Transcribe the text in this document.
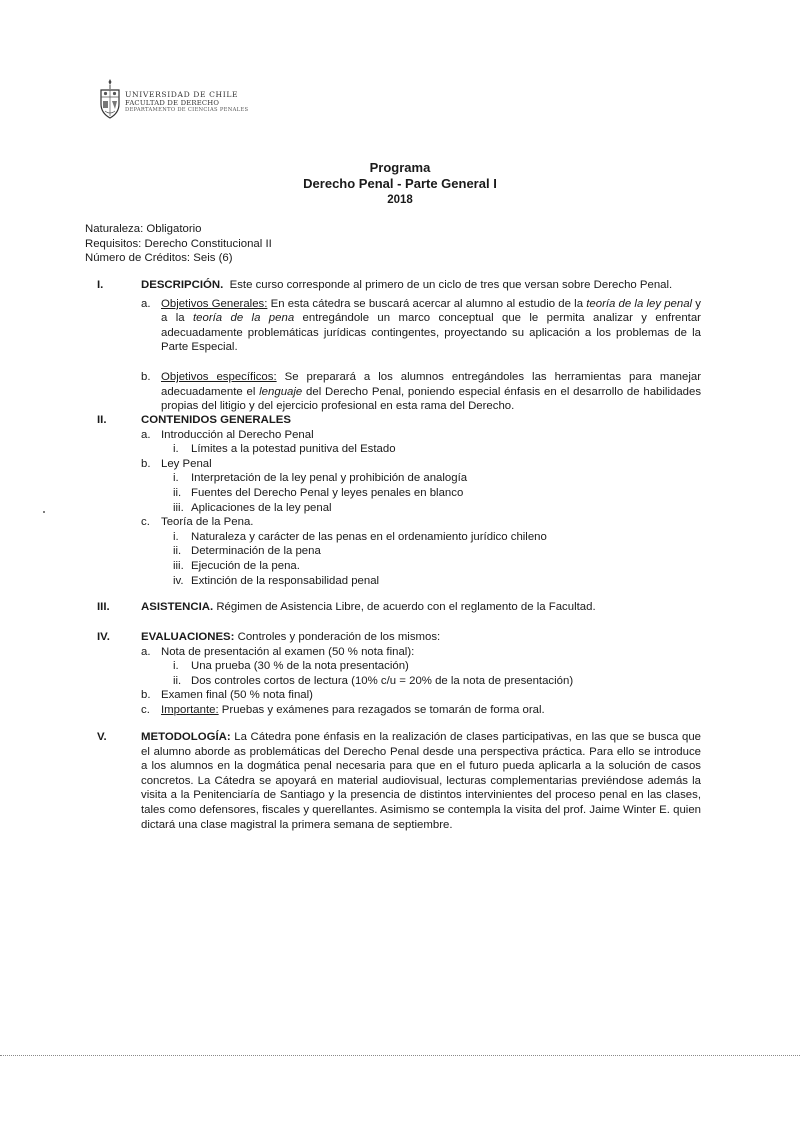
UNIVERSIDAD DE CHILE
FACULTAD DE DERECHO
DEPARTAMENTO DE CIENCIAS PENALES
Programa
Derecho Penal - Parte General I
2018
Naturaleza: Obligatorio
Requisitos: Derecho Constitucional II
Número de Créditos: Seis (6)
I.	DESCRIPCIÓN. Este curso corresponde al primero de un ciclo de tres que versan sobre Derecho Penal.
a. Objetivos Generales: En esta cátedra se buscará acercar al alumno al estudio de la teoría de la ley penal y a la teoría de la pena entregándole un marco conceptual que le permita analizar y enfrentar adecuadamente problemáticas jurídicas contingentes, proyectando su aplicación a los problemas de la Parte Especial.
b. Objetivos específicos: Se preparará a los alumnos entregándoles las herramientas para manejar adecuadamente el lenguaje del Derecho Penal, poniendo especial énfasis en el desarrollo de habilidades propias del litigio y del ejercicio profesional en esta rama del Derecho.
II.	CONTENIDOS GENERALES
a. Introducción al Derecho Penal
i. Límites a la potestad punitiva del Estado
b. Ley Penal
i. Interpretación de la ley penal y prohibición de analogía
ii. Fuentes del Derecho Penal y leyes penales en blanco
iii. Aplicaciones de la ley penal
c. Teoría de la Pena.
i. Naturaleza y carácter de las penas en el ordenamiento jurídico chileno
ii. Determinación de la pena
iii. Ejecución de la pena.
iv. Extinción de la responsabilidad penal
III.	ASISTENCIA. Régimen de Asistencia Libre, de acuerdo con el reglamento de la Facultad.
IV.	EVALUACIONES: Controles y ponderación de los mismos:
a. Nota de presentación al examen (50 % nota final):
i. Una prueba (30 % de la nota presentación)
ii. Dos controles cortos de lectura (10% c/u = 20% de la nota de presentación)
b. Examen final (50 % nota final)
c. Importante: Pruebas y exámenes para rezagados se tomarán de forma oral.
V.	METODOLOGÍA: La Cátedra pone énfasis en la realización de clases participativas, en las que se busca que el alumno aborde as problemáticas del Derecho Penal desde una perspectiva práctica. Para ello se introduce a los alumnos en la dogmática penal necesaria para que en el futuro pueda aplicarla a la solución de casos concretos. La Cátedra se apoyará en material audiovisual, lecturas complementarias previéndose además la visita a la Penitenciaría de Santiago y la presencia de distintos intervinientes del proceso penal en las clases, tales como defensores, fiscales y querellantes. Asimismo se contempla la visita del prof. Jaime Winter E. quien dictará una clase magistral la primera semana de septiembre.
